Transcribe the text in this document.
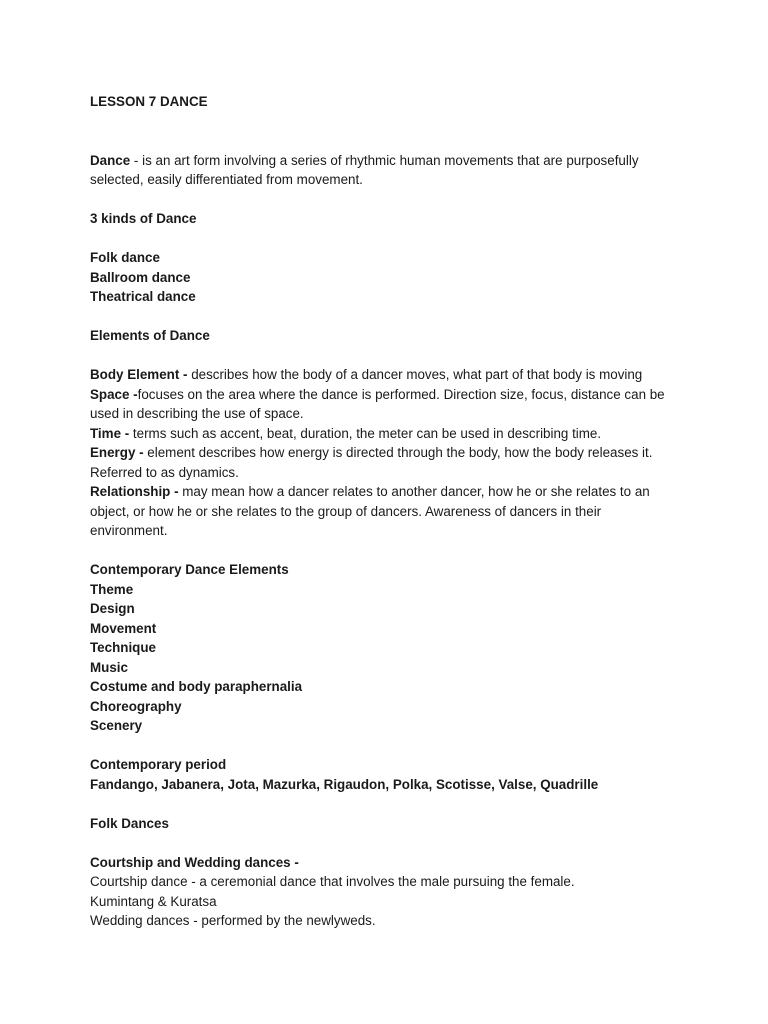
LESSON 7 DANCE

Dance - is an art form involving a series of rhythmic human movements that are purposefully selected, easily differentiated from movement.

3 kinds of Dance

Folk dance

Ballroom dance

Theatrical dance

Elements of Dance

Body Element - describes how the body of a dancer moves, what part of that body is moving

Space -focuses on the area where the dance is performed. Direction size, focus, distance can be used in describing the use of space.

Time - terms such as accent, beat, duration, the meter can be used in describing time.

Energy - element describes how energy is directed through the body, how the body releases it. Referred to as dynamics.

Relationship - may mean how a dancer relates to another dancer, how he or she relates to an object, or how he or she relates to the group of dancers. Awareness of dancers in their environment.

Contemporary Dance Elements

Theme

Design

Movement

Technique

Music

Costume and body paraphernalia

Choreography

Scenery

Contemporary period

Fandango, Jabanera, Jota, Mazurka, Rigaudon, Polka, Scotisse, Valse, Quadrille

Folk Dances

Courtship and Wedding dances -

Courtship dance - a ceremonial dance that involves the male pursuing the female.

Kumintang & Kuratsa

Wedding dances - performed by the newlyweds.
